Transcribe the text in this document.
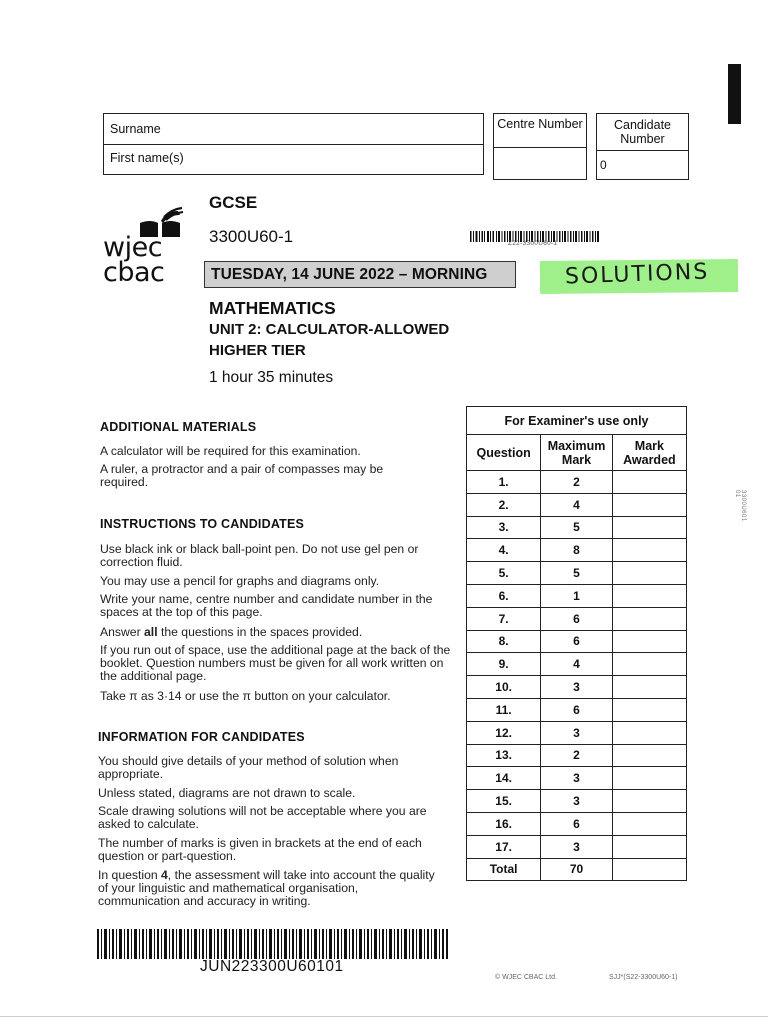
3300U601 01
Surname
First name(s)
Centre Number	Candidate Number
0
wjec
cbac
GCSE
3300U60-1	Z22-3300U60-1
TUESDAY, 14 JUNE 2022 – MORNING	SOLUTIONS
MATHEMATICS
UNIT 2: CALCULATOR-ALLOWED
HIGHER TIER
1 hour 35 minutes
ADDITIONAL MATERIALS
A calculator will be required for this examination.
A ruler, a protractor and a pair of compasses may be required.
INSTRUCTIONS TO CANDIDATES
Use black ink or black ball-point pen. Do not use gel pen or correction fluid.
You may use a pencil for graphs and diagrams only.
Write your name, centre number and candidate number in the spaces at the top of this page.
Answer all the questions in the spaces provided.
If you run out of space, use the additional page at the back of the booklet. Question numbers must be given for all work written on the additional page.
Take π as 3·14 or use the π button on your calculator.
INFORMATION FOR CANDIDATES
You should give details of your method of solution when appropriate.
Unless stated, diagrams are not drawn to scale.
Scale drawing solutions will not be acceptable where you are asked to calculate.
The number of marks is given in brackets at the end of each question or part-question.
In question 4, the assessment will take into account the quality of your linguistic and mathematical organisation, communication and accuracy in writing.
For Examiner's use only		
Question	Maximum Mark	Mark Awarded
1.	2	
2.	4	
3.	5	
4.	8	
5.	5	
6.	1	
7.	6	
8.	6	
9.	4	
10.	3	
11.	6	
12.	3	
13.	2	
14.	3	
15.	3	
16.	6	
17.	3	
Total	70	
JUN223300U60101
© WJEC CBAC Ltd.	SJJ*(S22-3300U60-1)
